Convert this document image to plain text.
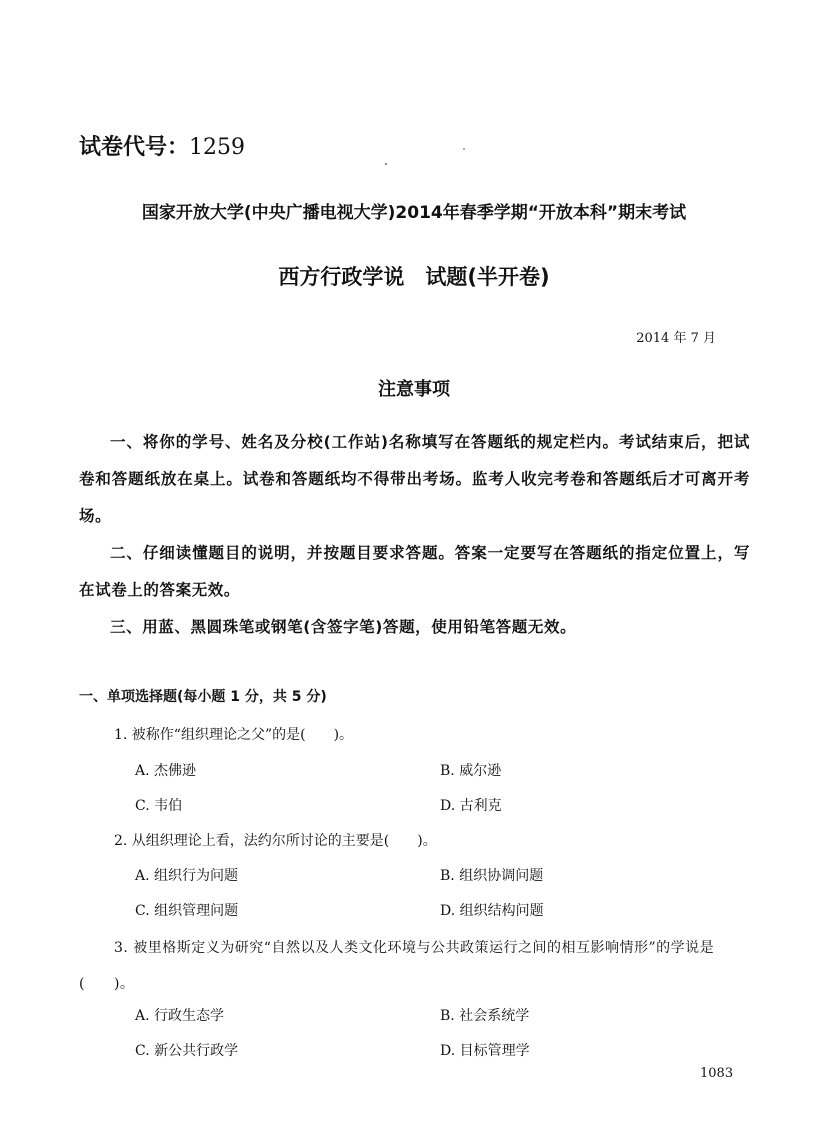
试卷代号：1259
国家开放大学(中央广播电视大学)2014年春季学期“开放本科”期末考试
西方行政学说　试题(半开卷)
2014 年 7 月
注意事项
一、将你的学号、姓名及分校(工作站)名称填写在答题纸的规定栏内。考试结束后，把试卷和答题纸放在桌上。试卷和答题纸均不得带出考场。监考人收完考卷和答题纸后才可离开考场。
二、仔细读懂题目的说明，并按题目要求答题。答案一定要写在答题纸的指定位置上，写在试卷上的答案无效。
三、用蓝、黑圆珠笔或钢笔(含签字笔)答题，使用铅笔答题无效。
一、单项选择题(每小题 1 分，共 5 分)
1. 被称作“组织理论之父”的是(　　)。
A. 杰佛逊	B. 威尔逊
C. 韦伯	D. 古利克
2. 从组织理论上看，法约尔所讨论的主要是(　　)。
A. 组织行为问题	B. 组织协调问题
C. 组织管理问题	D. 组织结构问题
3. 被里格斯定义为研究“自然以及人类文化环境与公共政策运行之间的相互影响情形”的学说是(　　)。
A. 行政生态学	B. 社会系统学
C. 新公共行政学	D. 目标管理学
1083
